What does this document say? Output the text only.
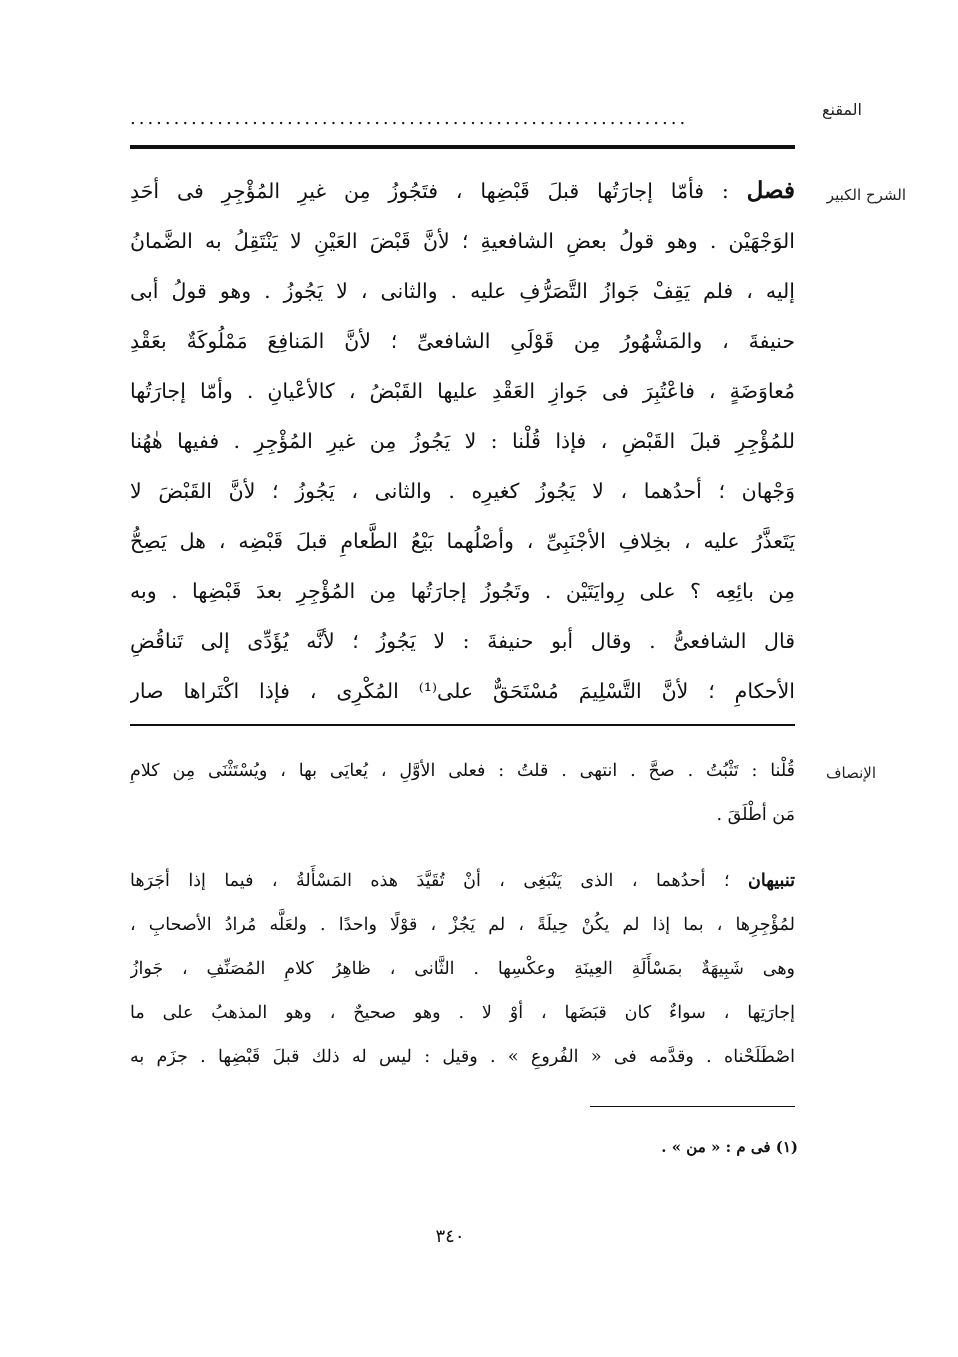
المقنع
................................................................
الشرح الكبير
فصل : فأمّا إجارَتُها قبلَ قَبْضِها ، فتَجُوزُ مِن غيرِ المُؤْجِرِ فى أحَدِ
الوَجْهَيْن . وهو قولُ بعضِ الشافعيةِ ؛ لأنَّ قَبْضَ العَيْنِ لا يَنْتَقِلُ به الضَّمانُ
إليه ، فلم يَقِفْ جَوازُ التَّصَرُّفِ عليه . والثانى ، لا يَجُوزُ . وهو قولُ أبى
حنيفةَ ، والمَشْهُورُ مِن قَوْلَىِ الشافعىِّ ؛ لأنَّ المَنافِعَ مَمْلُوكَةٌ بعَقْدِ
مُعاوَضَةٍ ، فاعْتُبِرَ فى جَوازِ العَقْدِ عليها القَبْضُ ، كالأعْيانِ . وأمّا إجارَتُها
للمُؤْجِرِ قبلَ القَبْضِ ، فإذا قُلْنا : لا يَجُوزُ مِن غيرِ المُؤْجِرِ . ففيها هٰهُنا
وَجْهان ؛ أحدُهما ، لا يَجُوزُ كغيرِه . والثانى ، يَجُوزُ ؛ لأنَّ القَبْضَ لا
يَتَعذَّرُ عليه ، بخِلافِ الأجْنَبِىِّ ، وأصْلُهما بَيْعُ الطَّعامِ قبلَ قَبْضِه ، هل يَصِحُّ
مِن بائِعِه ؟ على رِوايَتَيْن . وتَجُوزُ إجارَتُها مِن المُؤْجِرِ بعدَ قَبْضِها . وبه
قال الشافعىُّ . وقال أبو حنيفةَ : لا يَجُوزُ ؛ لأنَّه يُؤَدِّى إلى تَناقُضِ
الأحكامِ ؛ لأنَّ التَّسْلِيمَ مُسْتَحَقٌّ على⁽¹⁾ المُكْرِى ، فإذا اكْتَراها صار
الإنصاف
قُلْنا : تَثْبُتُ . صحَّ . انتهى . قلتُ : فعلى الأوَّلِ ، يُعايَى بها ، ويُسْتَثْنَى مِن كلامِ
مَن أطْلَقَ .
تنبيهان ؛ أحدُهما ، الذى يَنْبَغِى ، أنْ تُقَيَّدَ هذه المَسْأَلةُ ، فيما إذا أجَرَها
لمُؤْجِرِها ، بما إذا لم يكُنْ حِيلَةً ، لم يَجُزْ ، قوْلًا واحدًا . ولعَلَّه مُرادُ الأصحابِ ،
وهى شَبِيهَةٌ بمَسْأَلَةِ العِينَةِ وعكْسِها . الثَّانى ، ظاهِرُ كلامِ المُصَنِّفِ ، جَوازُ
إجارَتِها ، سواءٌ كان قبَضَها ، أوْ لا . وهو صحيحٌ ، وهو المذهبُ على ما
اصْطَلَحْناه . وقدَّمه فى « الفُروعِ » . وقيل : ليس له ذلك قبلَ قَبْضِها . جزَم به
(١) فى م : « من » .
٣٤٠
